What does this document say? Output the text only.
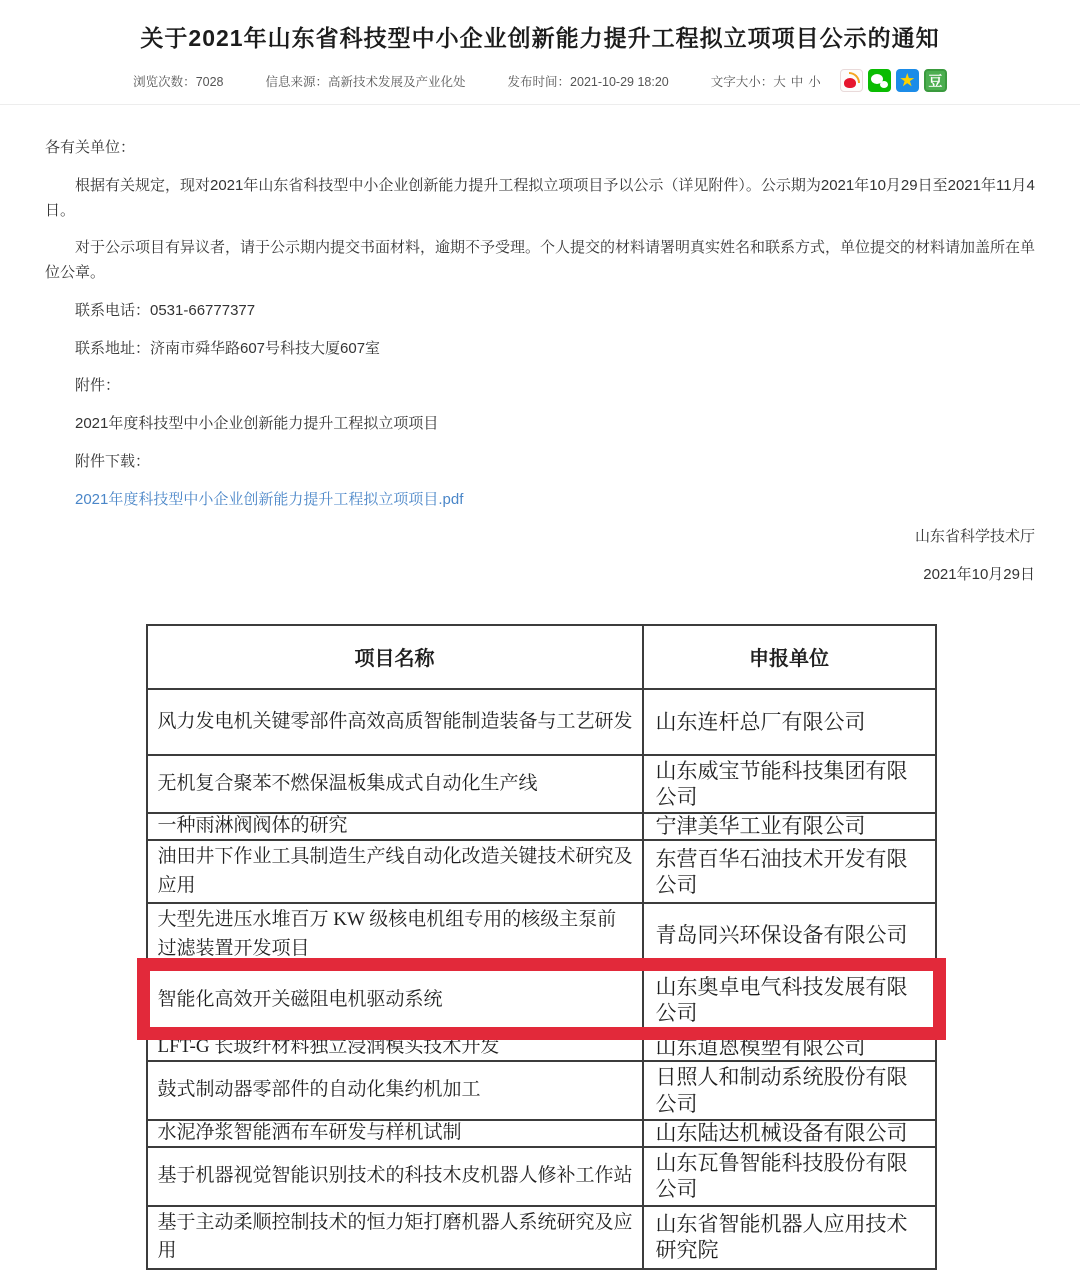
关于2021年山东省科技型中小企业创新能力提升工程拟立项项目公示的通知
浏览次数：7028	信息来源：高新技术发展及产业化处	发布时间：2021-10-29 18:20	文字大小： 大 中 小	★ 豆

各有关单位：

根据有关规定，现对2021年山东省科技型中小企业创新能力提升工程拟立项项目予以公示（详见附件）。公示期为2021年10月29日至2021年11月4日。

对于公示项目有异议者，请于公示期内提交书面材料，逾期不予受理。个人提交的材料请署明真实姓名和联系方式，单位提交的材料请加盖所在单位公章。

联系电话：0531-66777377

联系地址：济南市舜华路607号科技大厦607室

附件：

2021年度科技型中小企业创新能力提升工程拟立项项目

附件下载：

2021年度科技型中小企业创新能力提升工程拟立项项目.pdf

山东省科学技术厅

2021年10月29日

项目名称	申报单位
风力发电机关键零部件高效高质智能制造装备与工艺研发	山东连杆总厂有限公司
无机复合聚苯不燃保温板集成式自动化生产线	山东威宝节能科技集团有限公司
一种雨淋阀阀体的研究	宁津美华工业有限公司
油田井下作业工具制造生产线自动化改造关键技术研究及应用	东营百华石油技术开发有限公司
大型先进压水堆百万 KW 级核电机组专用的核级主泵前过滤装置开发项目	青岛同兴环保设备有限公司
智能化高效开关磁阻电机驱动系统	山东奥卓电气科技发展有限公司
LFT-G 长玻纤材料独立浸润模头技术开发	山东道恩模塑有限公司
鼓式制动器零部件的自动化集约机加工	日照人和制动系统股份有限公司
水泥净浆智能洒布车研发与样机试制	山东陆达机械设备有限公司
基于机器视觉智能识别技术的科技木皮机器人修补工作站	山东瓦鲁智能科技股份有限公司
基于主动柔顺控制技术的恒力矩打磨机器人系统研究及应用	山东省智能机器人应用技术研究院
